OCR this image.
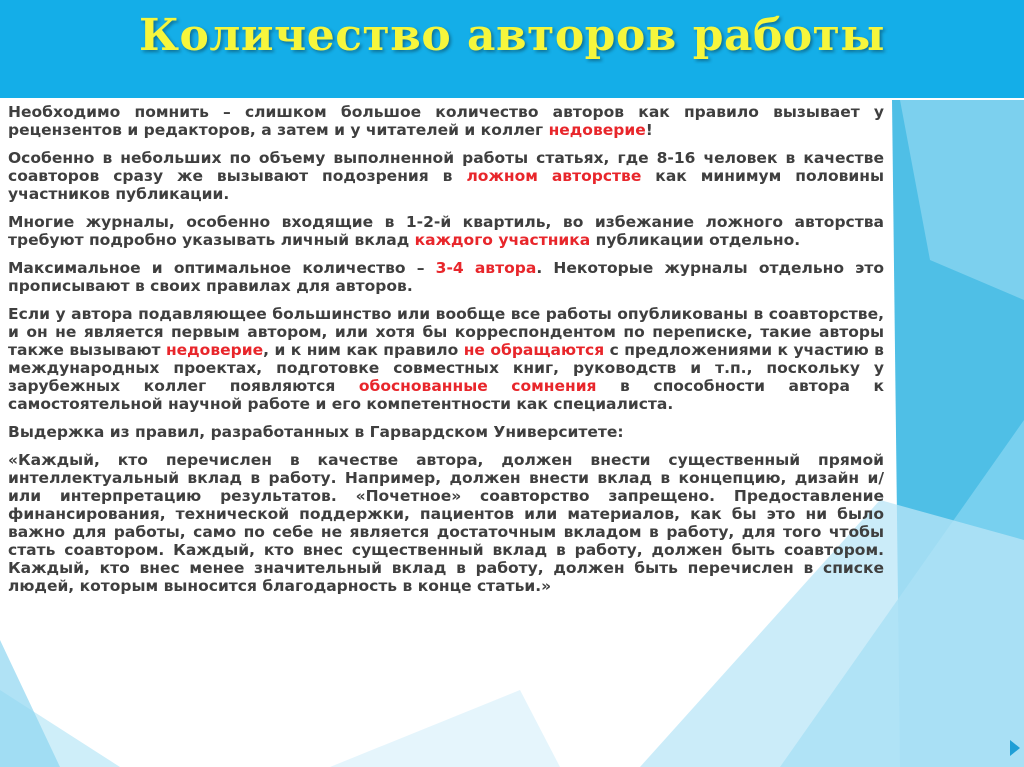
Количество авторов работы

Необходимо помнить – слишком большое количество авторов как правило вызывает у рецензентов и редакторов, а затем и у читателей и коллег недоверие!

Особенно в небольших по объему выполненной работы статьях, где 8-16 человек в качестве соавторов сразу же вызывают подозрения в ложном авторстве как минимум половины участников публикации.

Многие журналы, особенно входящие в 1-2-й квартиль, во избежание ложного авторства требуют подробно указывать личный вклад каждого участника публикации отдельно.

Максимальное и оптимальное количество – 3-4 автора. Некоторые журналы отдельно это прописывают в своих правилах для авторов.

Если у автора подавляющее большинство или вообще все работы опубликованы в соавторстве, и он не является первым автором, или хотя бы корреспондентом по переписке, такие авторы также вызывают недоверие, и к ним как правило не обращаются с предложениями к участию в международных проектах, подготовке совместных книг, руководств и т.п., поскольку у зарубежных коллег появляются обоснованные сомнения в способности автора к самостоятельной научной работе и его компетентности как специалиста.

Выдержка из правил, разработанных в Гарвардском Университете:

«Каждый, кто перечислен в качестве автора, должен внести существенный прямой интеллектуальный вклад в работу. Например, должен внести вклад в концепцию, дизайн и/или интерпретацию результатов. «Почетное» соавторство запрещено. Предоставление финансирования, технической поддержки, пациентов или материалов, как бы это ни было важно для работы, само по себе не является достаточным вкладом в работу, для того чтобы стать соавтором. Каждый, кто внес существенный вклад в работу, должен быть соавтором. Каждый, кто внес менее значительный вклад в работу, должен быть перечислен в списке людей, которым выносится благодарность в конце статьи.»
